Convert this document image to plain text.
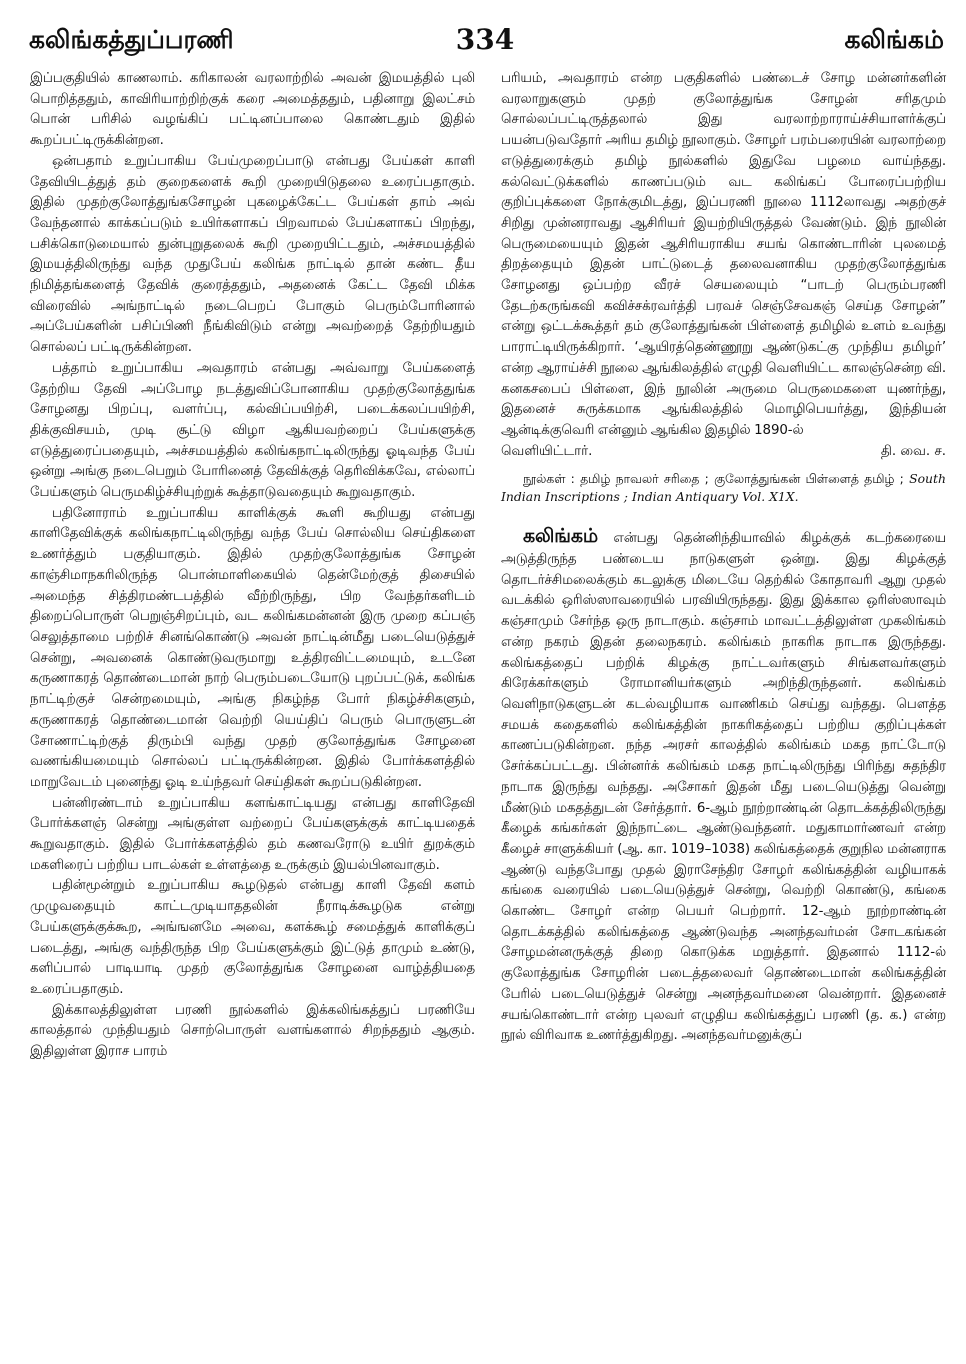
கலிங்கத்துப்பரணி	334	கலிங்கம்

இப்பகுதியில் காணலாம். கரிகாலன் வரலாற்றில் அவன் இமயத்தில் புலி பொறித்ததும், காவிரியாற்றிற்குக் கரை அமைத்ததும், பதினாறு இலட்சம் பொன் பரிசில் வழங்கிப் பட்டினப்பாலை கொண்டதும் இதில் கூறப்பட்டிருக்கின்றன.

ஒன்பதாம் உறுப்பாகிய பேய்முறைப்பாடு என்பது பேய்கள் காளி தேவியிடத்துத் தம் குறைகளைக் கூறி முறையிடுதலை உரைப்பதாகும். இதில் முதற்குலோத்துங்கசோழன் புகழைக்கேட்ட பேய்கள் தாம் அவ் வேந்தனால் காக்கப்படும் உயிர்களாகப் பிறவாமல் பேய்களாகப் பிறந்து, பசிக்கொடுமையால் துன்புறுதலைக் கூறி முறையிட்டதும், அச்சமயத்தில் இமயத்திலிருந்து வந்த முதுபேய் கலிங்க நாட்டில் தான் கண்ட தீய நிமித்தங்களைத் தேவிக் குரைத்ததும், அதனைக் கேட்ட தேவி மிக்க விரைவில் அங்நாட்டில் நடைபெறப் போகும் பெரும்போரினால் அப்பேய்களின் பசிப்பிணி நீங்கிவிடும் என்று அவற்றைத் தேற்றியதும் சொல்லப் பட்டிருக்கின்றன.

பத்தாம் உறுப்பாகிய அவதாரம் என்பது அவ்வாறு பேய்களைத் தேற்றிய தேவி அப்போழ நடத்துவிப்போனாகிய முதற்குலோத்துங்க சோழனது பிறப்பு, வளர்ப்பு, கல்விப்பயிற்சி, படைக்கலப்பயிற்சி, திக்குவிசயம், முடி சூட்டு விழா ஆகியவற்றைப் பேய்களுக்கு எடுத்துரைப்பதையும், அச்சமயத்தில் கலிங்கநாட்டிலிருந்து ஓடிவந்த பேய் ஒன்று அங்கு நடைபெறும் போரினைத் தேவிக்குத் தெரிவிக்கவே, எல்லாப் பேய்களும் பெருமகிழ்ச்சியுற்றுக் கூத்தாடுவதையும் கூறுவதாகும்.

பதினோராம் உறுப்பாகிய காளிக்குக் கூளி கூறியது என்பது காளிதேவிக்குக் கலிங்கநாட்டிலிருந்து வந்த பேய் சொல்லிய செய்திகளை உணர்த்தும் பகுதியாகும். இதில் முதற்குலோத்துங்க சோழன் காஞ்சிமாநகரிலிருந்த பொன்மாளிகையில் தென்மேற்குத் திசையில் அமைந்த சித்திரமண்டபத்தில் வீற்றிருந்து, பிற வேந்தர்களிடம் திறைப்பொருள் பெறுஞ்சிறப்பும், வட கலிங்கமன்னன் இரு முறை கப்பஞ் செலுத்தாமை பற்றிச் சினங்கொண்டு அவன் நாட்டின்மீது படையெடுத்துச் சென்று, அவனைக் கொண்டுவருமாறு உத்திரவிட்டமையும், உடனே கருணாகரத் தொண்டைமான் நாற் பெரும்படையோடு புறப்பட்டுக், கலிங்க நாட்டிற்குச் சென்றமையும், அங்கு நிகழ்ந்த போர் நிகழ்ச்சிகளும், கருணாகரத் தொண்டைமான் வெற்றி யெய்திப் பெரும் பொருளுடன் சோணாட்டிற்குத் திரும்பி வந்து முதற் குலோத்துங்க சோழனை வணங்கியமையும் சொல்லப் பட்டிருக்கின்றன. இதில் போர்க்களத்தில் மாறுவேடம் புனைந்து ஓடி உய்ந்தவர் செய்திகள் கூறப்படுகின்றன.

பன்னிரண்டாம் உறுப்பாகிய களங்காட்டியது என்பது காளிதேவி போர்க்களஞ் சென்று அங்குள்ள வற்றைப் பேய்களுக்குக் காட்டியதைக் கூறுவதாகும். இதில் போர்க்களத்தில் தம் கணவரோடு உயிர் துறக்கும் மகளிரைப் பற்றிய பாடல்கள் உள்ளத்தை உருக்கும் இயல்பினவாகும்.

பதின்மூன்றும் உறுப்பாகிய கூழடுதல் என்பது காளி தேவி களம் முழுவதையும் காட்டமுடியாததலின் நீராடிக்கூழடுக என்று பேய்களுக்குக்கூற, அங்ஙனமே அவை, களக்கூழ் சமைத்துக் காளிக்குப் படைத்து, அங்கு வந்திருந்த பிற பேய்களுக்கும் இட்டுத் தாமும் உண்டு, களிப்பால் பாடியாடி முதற் குலோத்துங்க சோழனை வாழ்த்தியதை உரைப்பதாகும்.

இக்காலத்திலுள்ள பரணி நூல்களில் இக்கலிங்கத்துப் பரணியே காலத்தால் முந்தியதும் சொற்பொருள் வளங்களால் சிறந்ததும் ஆகும். இதிலுள்ள இராச பாரம்

பரியம், அவதாரம் என்ற பகுதிகளில் பண்டைச் சோழ மன்னர்களின் வரலாறுகளும் முதற் குலோத்துங்க சோழன் சரிதமும் சொல்லப்பட்டிருத்தலால் இது வரலாற்றாராய்ச்சியாளர்க்குப் பயன்படுவதோர் அரிய தமிழ் நூலாகும். சோழர் பரம்பரையின் வரலாற்றை எடுத்துரைக்கும் தமிழ் நூல்களில் இதுவே பழமை வாய்ந்தது. கல்வெட்டுக்களில் காணப்படும் வட கலிங்கப் போரைப்பற்றிய குறிப்புக்களை நோக்குமிடத்து, இப்பரணி நூலை 1112லாவது அதற்குச் சிறிது முன்னராவது ஆசிரியர் இயற்றியிருத்தல் வேண்டும். இந் நூலின் பெருமையையும் இதன் ஆசிரியராகிய சயங் கொண்டாரின் புலமைத் திறத்தையும் இதன் பாட்டுடைத் தலைவனாகிய முதற்குலோத்துங்க சோழனது ஒப்பற்ற வீரச் செயலையும் “பாடற் பெரும்பரணி தேடற்கருங்கவி கவிச்சக்ரவர்த்தி பரவச் செஞ்சேவகஞ் செய்த சோழன்” என்று ஒட்டக்கூத்தர் தம் குலோத்துங்கன் பிள்ளைத் தமிழில் உளம் உவந்து பாராட்டியிருக்கிறார். ‘ஆயிரத்தெண்ணூறு ஆண்டுகட்கு முந்திய தமிழர்’ என்ற ஆராய்ச்சி நூலை ஆங்கிலத்தில் எழுதி வெளியிட்ட காலஞ்சென்ற வி. கனகசபைப் பிள்ளை, இந் நூலின் அருமை பெருமைகளை யுணர்ந்து, இதனைச் சுருக்கமாக ஆங்கிலத்தில் மொழிபெயர்த்து, இந்தியன் ஆன்டிக்குவெரி என்னும் ஆங்கில இதழில் 1890-ல்

வெளியிட்டார்.	தி. வை. ச.
நூல்கள் : தமிழ் நாவலர் சரிதை ; குலோத்துங்கன் பிள்ளைத் தமிழ் ; South Indian Inscriptions ; Indian Antiquary Vol. X1X.

கலிங்கம் என்பது தென்னிந்தியாவில் கிழக்குக் கடற்கரையை அடுத்திருந்த பண்டைய நாடுகளுள் ஒன்று. இது கிழக்குத் தொடர்ச்சிமலைக்கும் கடலுக்கு மிடையே தெற்கில் கோதாவரி ஆறு முதல் வடக்கில் ஒரிஸ்ஸாவரையில் பரவியிருந்தது. இது இக்கால ஒரிஸ்ஸாவும் கஞ்சாமும் சேர்ந்த ஒரு நாடாகும். கஞ்சாம் மாவட்டத்திலுள்ள முகலிங்கம் என்ற நகரம் இதன் தலைநகரம். கலிங்கம் நாகரிக நாடாக இருந்தது. கலிங்கத்தைப் பற்றிக் கிழக்கு நாட்டவர்களும் சிங்களவர்களும் கிரேக்கர்களும் ரோமானியர்களும் அறிந்திருந்தனர். கலிங்கம் வெளிநாடுகளுடன் கடல்வழியாக வாணிகம் செய்து வந்தது. பௌத்த சமயக் கதைகளில் கலிங்கத்தின் நாகரிகத்தைப் பற்றிய குறிப்புக்கள் காணப்படுகின்றன. நந்த அரசர் காலத்தில் கலிங்கம் மகத நாட்டோடு சேர்க்கப்பட்டது. பின்னர்க் கலிங்கம் மகத நாட்டிலிருந்து பிரிந்து சுதந்திர நாடாக இருந்து வந்தது. அசோகர் இதன் மீது படையெடுத்து வென்று மீண்டும் மகதத்துடன் சேர்த்தார். 6-ஆம் நூற்றாண்டின் தொடக்கத்திலிருந்து கீழைக் கங்கர்கள் இந்நாட்டை ஆண்டுவந்தனர். மதுகாமார்ணவர் என்ற கீழைச் சாளுக்கியர் (ஆ. கா. 1019–1038) கலிங்கத்தைக் குறுநில மன்னராக ஆண்டு வந்தபோது முதல் இராசேந்திர சோழர் கலிங்கத்தின் வழியாகக் கங்கை வரையில் படையெடுத்துச் சென்று, வெற்றி கொண்டு, கங்கை கொண்ட சோழர் என்ற பெயர் பெற்றார். 12-ஆம் நூற்றாண்டின் தொடக்கத்தில் கலிங்கத்தை ஆண்டுவந்த அனந்தவர்மன் சோடகங்கன் சோழமன்னருக்குத் திறை கொடுக்க மறுத்தார். இதனால் 1112-ல் குலோத்துங்க சோழரின் படைத்தலைவர் தொண்டைமான் கலிங்கத்தின் பேரில் படையெடுத்துச் சென்று அனந்தவர்மனை வென்றார். இதனைச் சயங்கொண்டார் என்ற புலவர் எழுதிய கலிங்கத்துப் பரணி (த. க.) என்ற நூல் விரிவாக உணர்த்துகிறது. அனந்தவர்மனுக்குப்
